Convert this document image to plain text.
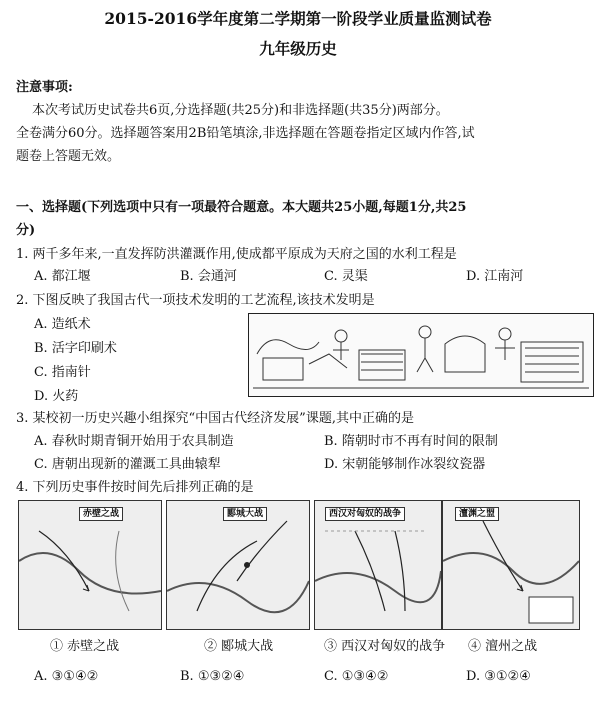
2015-2016学年度第二学期第一阶段学业质量监测试卷
九年级历史
注意事项:
本次考试历史试卷共6页,分选择题(共25分)和非选择题(共35分)两部分。
全卷满分60分。选择题答案用2B铅笔填涂,非选择题在答题卷指定区域内作答,试
题卷上答题无效。
一、选择题(下列选项中只有一项最符合题意。本大题共25小题,每题1分,共25
分)
1. 两千多年来,一直发挥防洪灌溉作用,使成都平原成为天府之国的水利工程是
A. 都江堰	B. 会通河	C. 灵渠	D. 江南河
2. 下图反映了我国古代一项技术发明的工艺流程,该技术发明是
A. 造纸术
B. 活字印刷术
C. 指南针
D. 火药
3. 某校初一历史兴趣小组探究“中国古代经济发展”课题,其中正确的是
A. 春秋时期青铜开始用于农具制造	B. 隋朝时市不再有时间的限制
C. 唐朝出现新的灌溉工具曲辕犁	D. 宋朝能够制作冰裂纹瓷器
4. 下列历史事件按时间先后排列正确的是
赤壁之战	郾城大战	西汉对匈奴的战争	澶渊之盟
① 赤壁之战	② 郾城大战	③ 西汉对匈奴的战争 ④ 澶州之战
A. ③①④②	B. ①③②④	C. ①③④②	D. ③①②④
